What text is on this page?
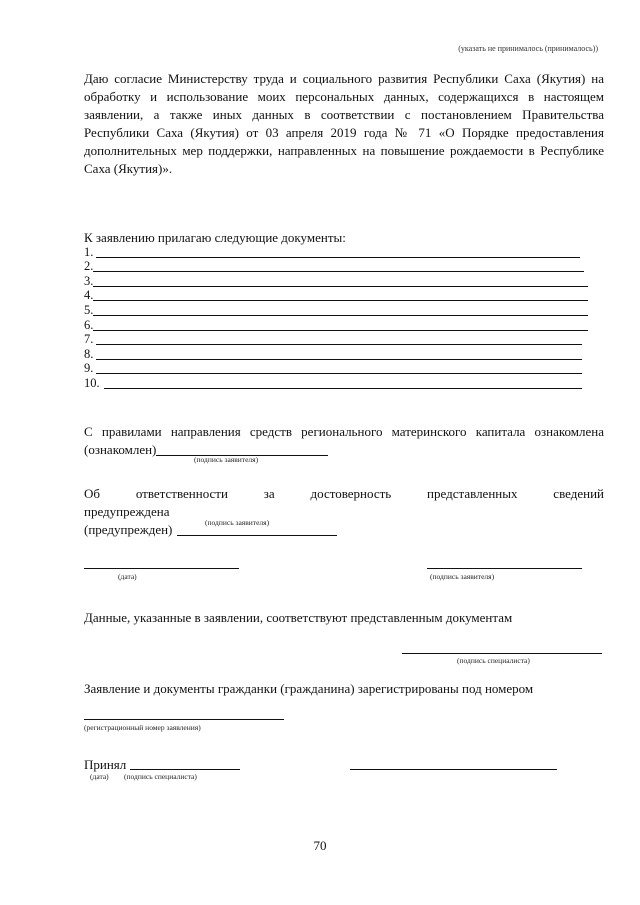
(указать не принималось (принималось))
Даю согласие Министерству труда и социального развития Республики Саха (Якутия) на обработку и использование моих персональных данных, содержащихся в настоящем заявлении, а также иных данных в соответствии с постановлением Правительства Республики Саха (Якутия) от 03 апреля 2019 года № 71 «О Порядке предоставления дополнительных мер поддержки, направленных на повышение рождаемости в Республике Саха (Якутия)».
К заявлению прилагаю следующие документы:
1.
2.
3.
4.
5.
6.
7.
8.
9.
10.
С правилами направления средств регионального материнского капитала ознакомлена
(ознакомлен)
(подпись заявителя)
Об ответственности за достоверность представленных сведений предупреждена
(предупрежден)	(подпись заявителя)
(дата)	(подпись заявителя)
Данные, указанные в заявлении, соответствуют представленным документам
(подпись специалиста)
Заявление и документы гражданки (гражданина) зарегистрированы под номером
(регистрационный номер заявления)
Принял
(дата) (подпись специалиста)
70
